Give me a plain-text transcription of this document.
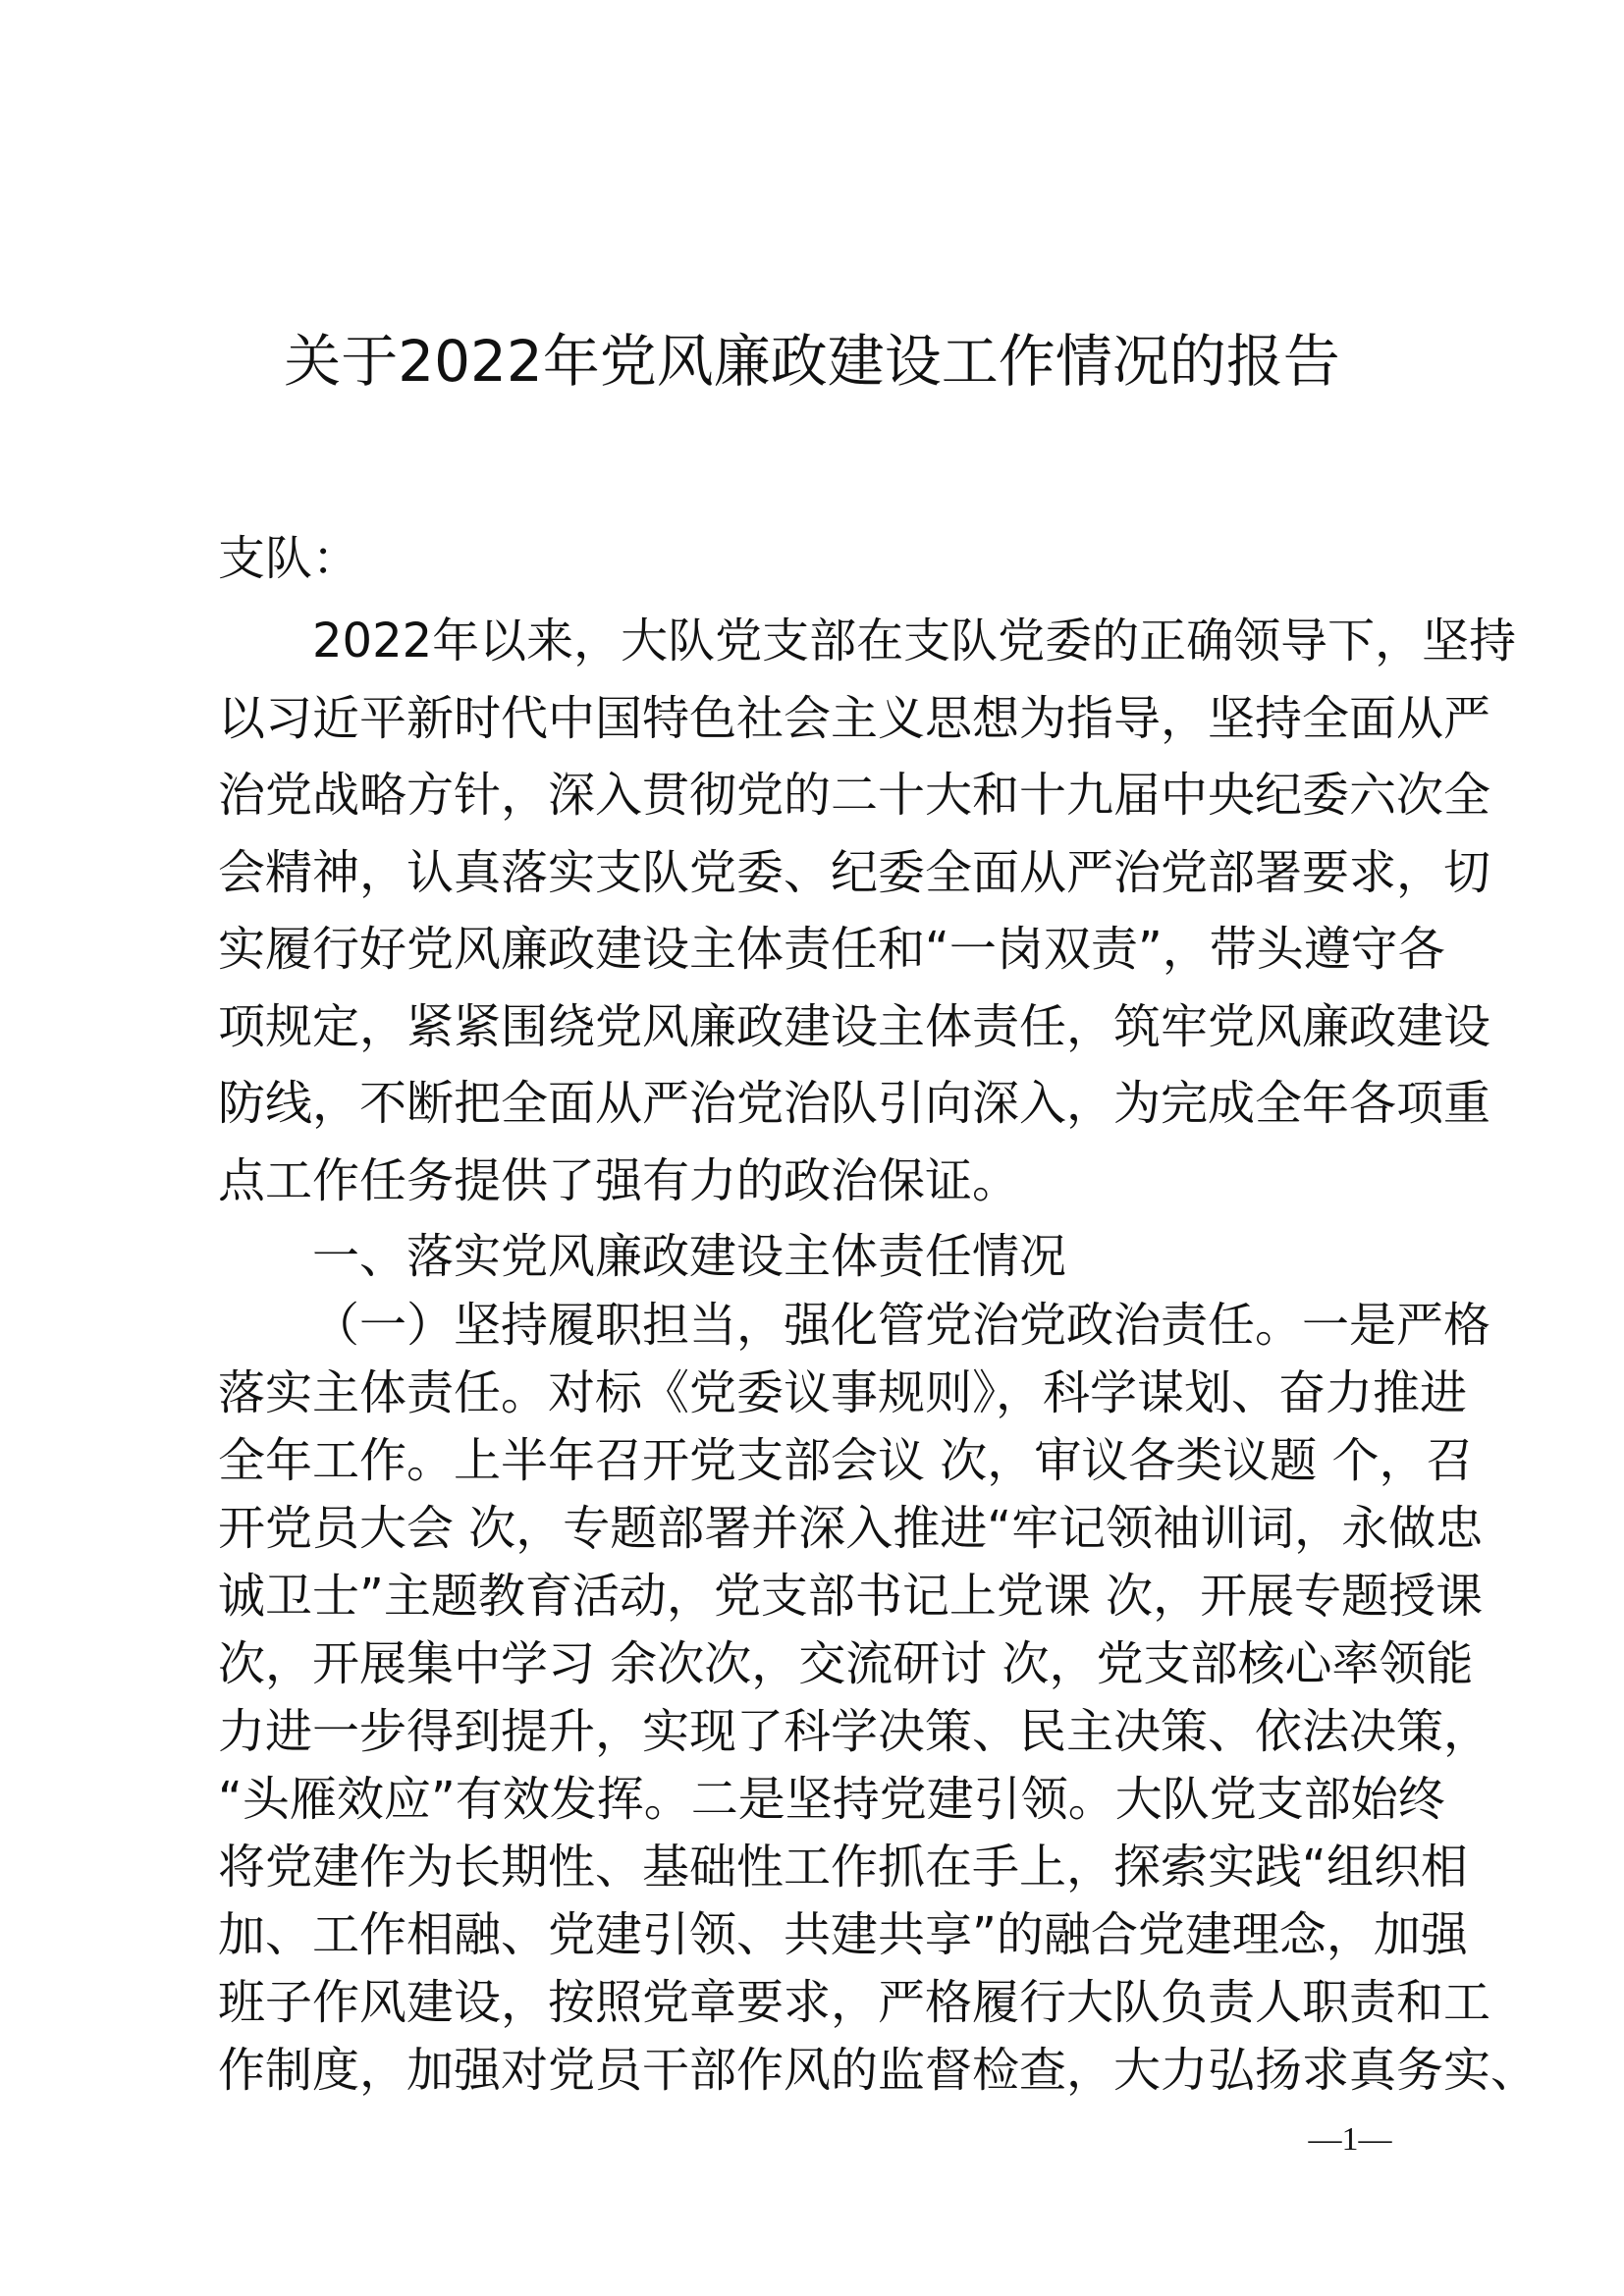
关于2022年党风廉政建设工作情况的报告
支队：
2022年以来，大队党支部在支队党委的正确领导下，坚持
以习近平新时代中国特色社会主义思想为指导，坚持全面从严
治党战略方针，深入贯彻党的二十大和十九届中央纪委六次全
会精神，认真落实支队党委、纪委全面从严治党部署要求，切
实履行好党风廉政建设主体责任和“一岗双责”，带头遵守各
项规定，紧紧围绕党风廉政建设主体责任，筑牢党风廉政建设
防线，不断把全面从严治党治队引向深入，为完成全年各项重
点工作任务提供了强有力的政治保证。
一、落实党风廉政建设主体责任情况
（一）坚持履职担当，强化管党治党政治责任。一是严格
落实主体责任。对标《党委议事规则》，科学谋划、奋力推进
全年工作。上半年召开党支部会议 次，审议各类议题 个，召
开党员大会 次，专题部署并深入推进“牢记领袖训词，永做忠
诚卫士”主题教育活动，党支部书记上党课 次，开展专题授课
次，开展集中学习 余次次，交流研讨 次，党支部核心率领能
力进一步得到提升，实现了科学决策、民主决策、依法决策，
“头雁效应”有效发挥。二是坚持党建引领。大队党支部始终
将党建作为长期性、基础性工作抓在手上，探索实践“组织相
加、工作相融、党建引领、共建共享”的融合党建理念，加强
班子作风建设，按照党章要求，严格履行大队负责人职责和工
作制度，加强对党员干部作风的监督检查，大力弘扬求真务实、
—1—
